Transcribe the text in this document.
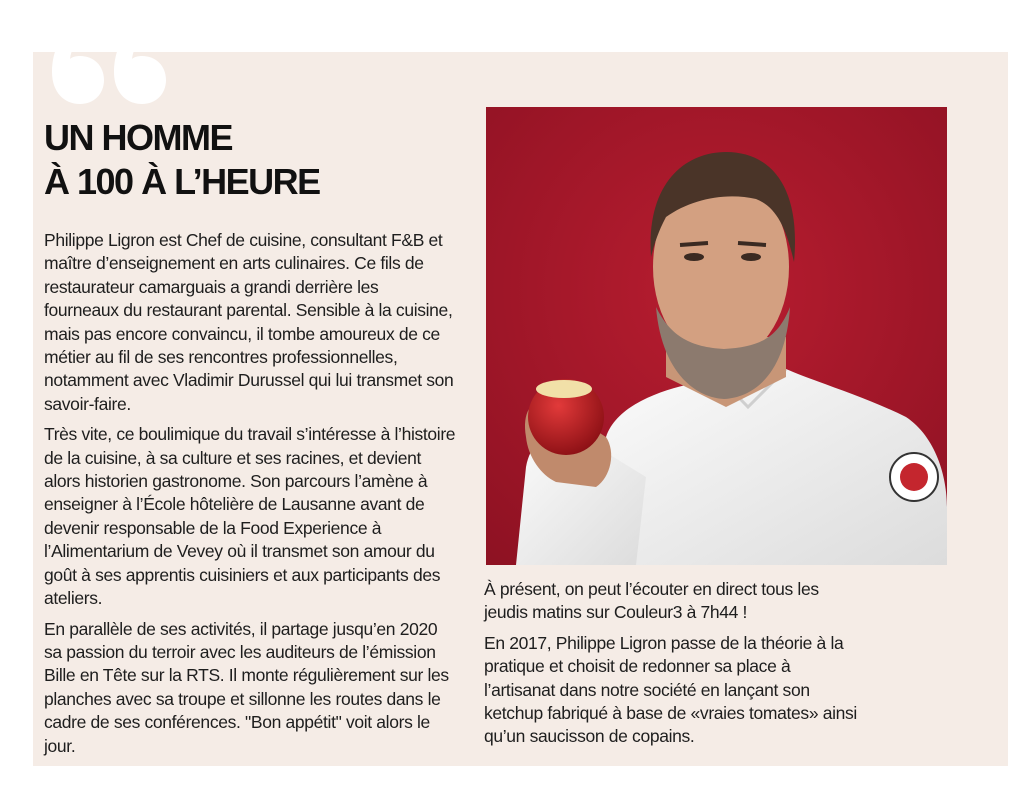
UN HOMME
À 100 À L’HEURE

Philippe Ligron est Chef de cuisine, consultant F&B et maître d’enseignement en arts culinaires. Ce fils de restaurateur camarguais a grandi derrière les fourneaux du restaurant parental. Sensible à la cuisine, mais pas encore convaincu, il tombe amoureux de ce métier au fil de ses rencontres professionnelles, notamment avec Vladimir Durussel qui lui transmet son savoir-faire.

Très vite, ce boulimique du travail s’intéresse à l’histoire de la cuisine, à sa culture et ses racines, et devient alors historien gastronome. Son parcours l’amène à enseigner à l’École hôtelière de Lausanne avant de devenir responsable de la Food Experience à l’Alimentarium de Vevey où il transmet son amour du goût à ses apprentis cuisiniers et aux participants des ateliers.

En parallèle de ses activités, il partage jusqu’en 2020 sa passion du terroir avec les auditeurs de l’émission Bille en Tête sur la RTS. Il monte régulièrement sur les planches avec sa troupe et sillonne les routes dans le cadre de ses conférences. "Bon appétit" voit alors le jour.

À présent, on peut l’écouter en direct tous les jeudis matins sur Couleur3 à 7h44 !

En 2017, Philippe Ligron passe de la théorie à la pratique et choisit de redonner sa place à l’artisanat dans notre société en lançant son ketchup fabriqué à base de «vraies tomates» ainsi qu’un saucisson de copains.
